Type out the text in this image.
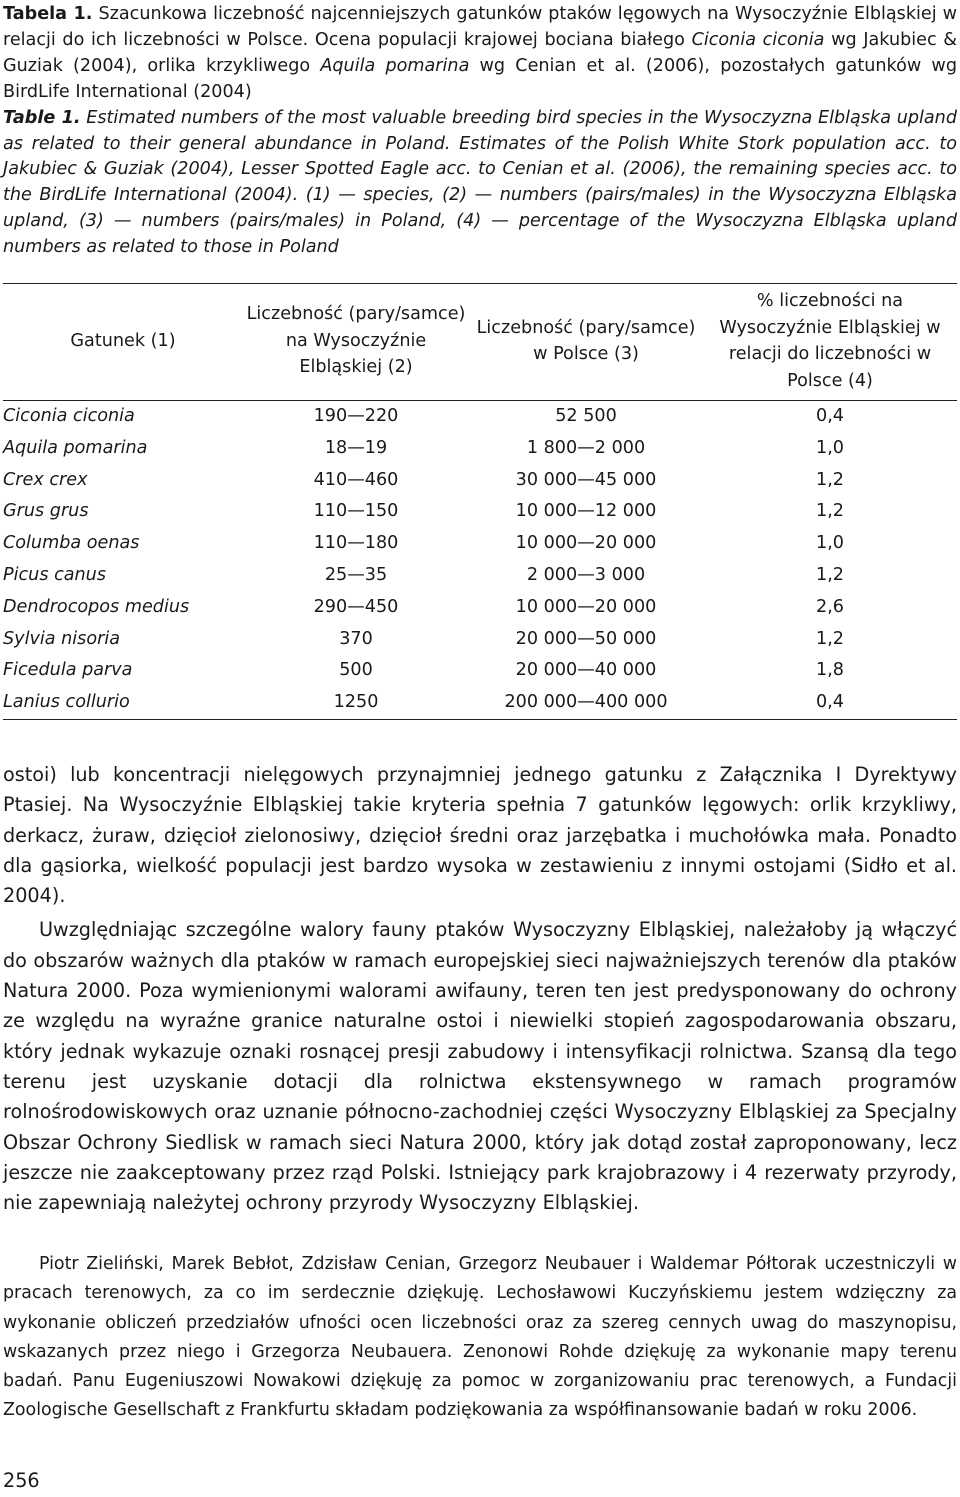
Tabela 1. Szacunkowa liczebność najcenniejszych gatunków ptaków lęgowych na Wysoczyźnie Elbląskiej w relacji do ich liczebności w Polsce. Ocena populacji krajowej bociana białego Ciconia ciconia wg Jakubiec & Guziak (2004), orlika krzykliwego Aquila pomarina wg Cenian et al. (2006), pozostałych gatunków wg BirdLife International (2004)
Table 1. Estimated numbers of the most valuable breeding bird species in the Wysoczyzna Elbląska upland as related to their general abundance in Poland. Estimates of the Polish White Stork population acc. to Jakubiec & Guziak (2004), Lesser Spotted Eagle acc. to Cenian et al. (2006), the remaining species acc. to the BirdLife International (2004). (1) — species, (2) — numbers (pairs/males) in the Wysoczyzna Elbląska upland, (3) — numbers (pairs/males) in Poland, (4) — percentage of the Wysoczyzna Elbląska upland numbers as related to those in Poland
Gatunek (1)	Liczebność (pary/samce) na Wysoczyźnie Elbląskiej (2)	Liczebność (pary/samce) w Polsce (3)	% liczebności na Wysoczyźnie Elbląskiej w relacji do liczebności w Polsce (4)
Ciconia ciconia	190—220	52 500	0,4
Aquila pomarina	18—19	1 800—2 000	1,0
Crex crex	410—460	30 000—45 000	1,2
Grus grus	110—150	10 000—12 000	1,2
Columba oenas	110—180	10 000—20 000	1,0
Picus canus	25—35	2 000—3 000	1,2
Dendrocopos medius	290—450	10 000—20 000	2,6
Sylvia nisoria	370	20 000—50 000	1,2
Ficedula parva	500	20 000—40 000	1,8
Lanius collurio	1250	200 000—400 000	0,4

ostoi) lub koncentracji nielęgowych przynajmniej jednego gatunku z Załącznika I Dyrektywy Ptasiej. Na Wysoczyźnie Elbląskiej takie kryteria spełnia 7 gatunków lęgowych: orlik krzykliwy, derkacz, żuraw, dzięcioł zielonosiwy, dzięcioł średni oraz jarzębatka i muchołówka mała. Ponadto dla gąsiorka, wielkość populacji jest bardzo wysoka w zestawieniu z innymi ostojami (Sidło et al. 2004).

Uwzględniając szczególne walory fauny ptaków Wysoczyzny Elbląskiej, należałoby ją włączyć do obszarów ważnych dla ptaków w ramach europejskiej sieci najważniejszych terenów dla ptaków Natura 2000. Poza wymienionymi walorami awifauny, teren ten jest predysponowany do ochrony ze względu na wyraźne granice naturalne ostoi i niewielki stopień zagospodarowania obszaru, który jednak wykazuje oznaki rosnącej presji zabudowy i intensyfikacji rolnictwa. Szansą dla tego terenu jest uzyskanie dotacji dla rolnictwa ekstensywnego w ramach programów rolnośrodowiskowych oraz uznanie północno-zachodniej części Wysoczyzny Elbląskiej za Specjalny Obszar Ochrony Siedlisk w ramach sieci Natura 2000, który jak dotąd został zaproponowany, lecz jeszcze nie zaakceptowany przez rząd Polski. Istniejący park krajobrazowy i 4 rezerwaty przyrody, nie zapewniają należytej ochrony przyrody Wysoczyzny Elbląskiej.

Piotr Zieliński, Marek Bebłot, Zdzisław Cenian, Grzegorz Neubauer i Waldemar Półtorak uczestniczyli w pracach terenowych, za co im serdecznie dziękuję. Lechosławowi Kuczyńskiemu jestem wdzięczny za wykonanie obliczeń przedziałów ufności ocen liczebności oraz za szereg cennych uwag do maszynopisu, wskazanych przez niego i Grzegorza Neubauera. Zenonowi Rohde dziękuję za wykonanie mapy terenu badań. Panu Eugeniuszowi Nowakowi dziękuję za pomoc w zorganizowaniu prac terenowych, a Fundacji Zoologische Gesellschaft z Frankfurtu składam podziękowania za współfinansowanie badań w roku 2006.

256
